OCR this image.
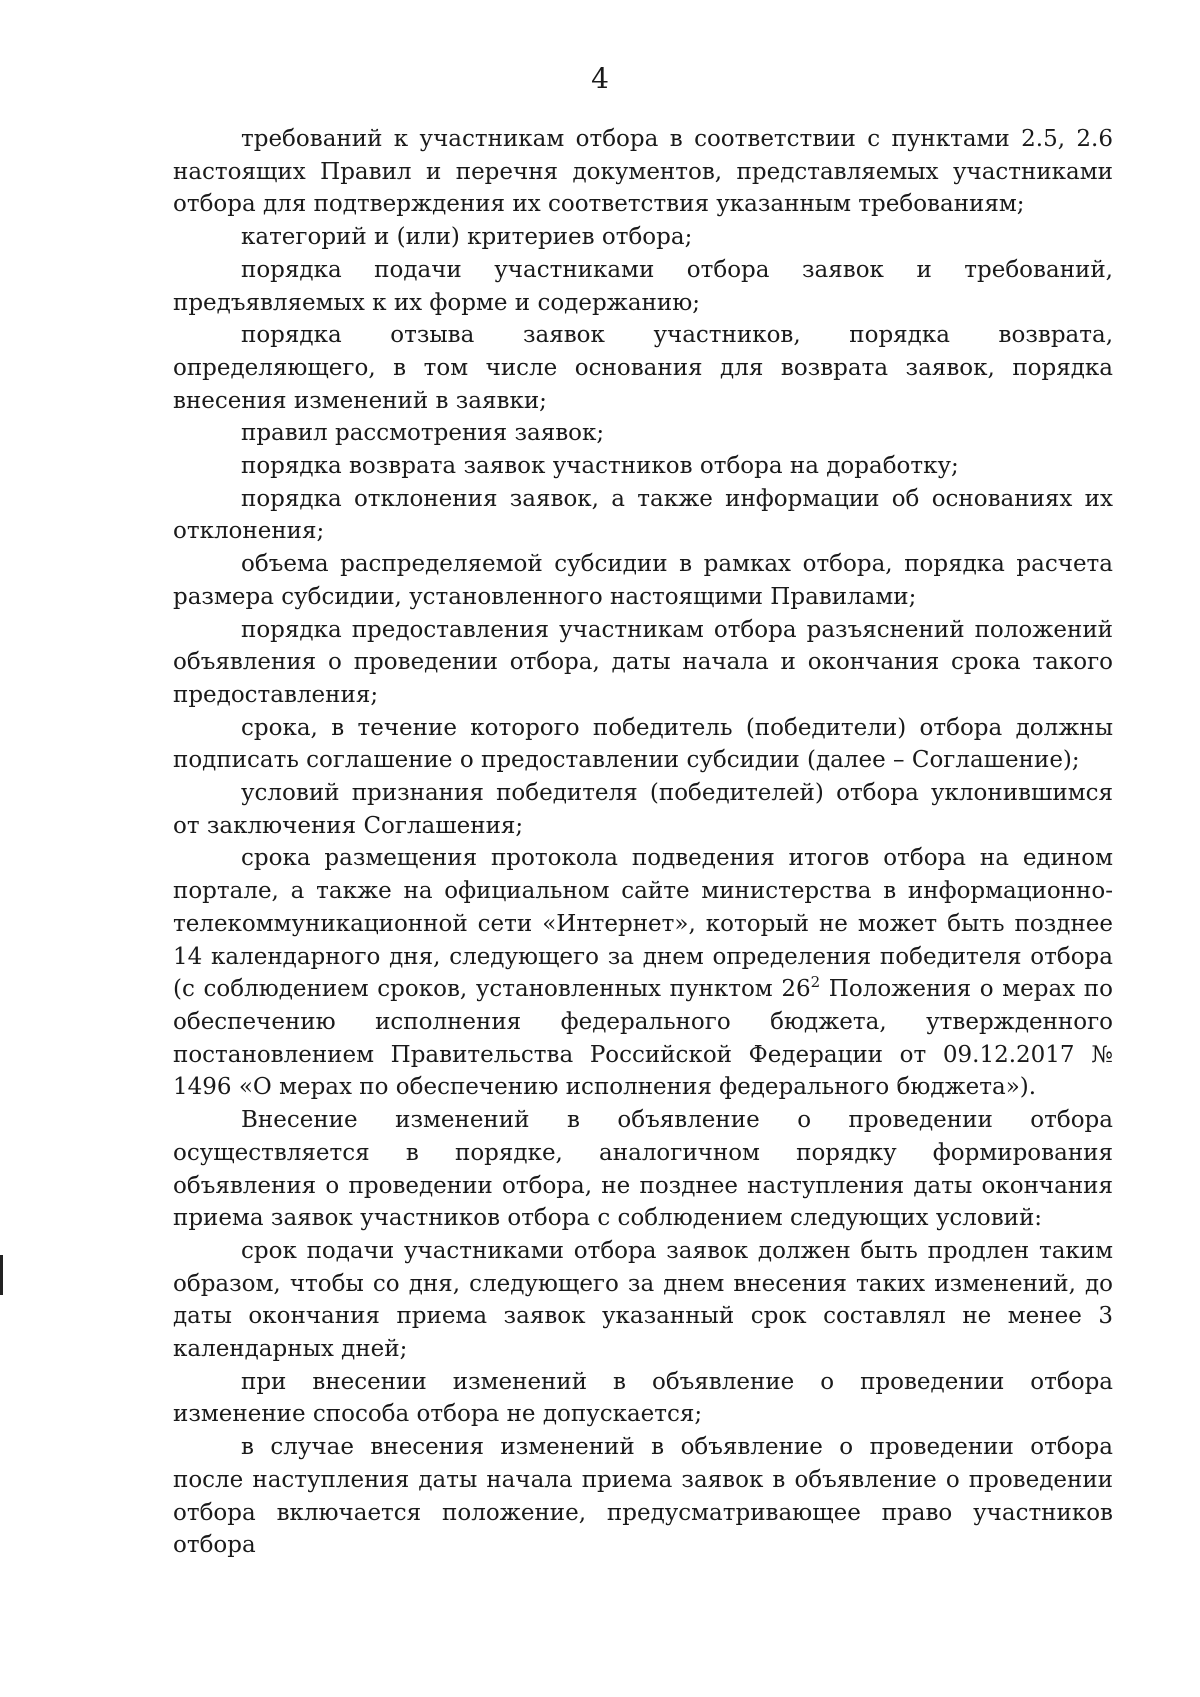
4

требований к участникам отбора в соответствии с пунктами 2.5, 2.6 настоящих Правил и перечня документов, представляемых участниками отбора для подтверждения их соответствия указанным требованиям;

категорий и (или) критериев отбора;

порядка подачи участниками отбора заявок и требований, предъявляемых к их форме и содержанию;

порядка отзыва заявок участников, порядка возврата, определяющего, в том числе основания для возврата заявок, порядка внесения изменений в заявки;

правил рассмотрения заявок;

порядка возврата заявок участников отбора на доработку;

порядка отклонения заявок, а также информации об основаниях их отклонения;

объема распределяемой субсидии в рамках отбора, порядка расчета размера субсидии, установленного настоящими Правилами;

порядка предоставления участникам отбора разъяснений положений объявления о проведении отбора, даты начала и окончания срока такого предоставления;

срока, в течение которого победитель (победители) отбора должны подписать соглашение о предоставлении субсидии (далее – Соглашение);

условий признания победителя (победителей) отбора уклонившимся от заключения Соглашения;

срока размещения протокола подведения итогов отбора на едином портале, а также на официальном сайте министерства в информационно-телекоммуникационной сети «Интернет», который не может быть позднее 14 календарного дня, следующего за днем определения победителя отбора (с соблюдением сроков, установленных пунктом 26$^2$ Положения о мерах по обеспечению исполнения федерального бюджета, утвержденного постановлением Правительства Российской Федерации от 09.12.2017 № 1496 «О мерах по обеспечению исполнения федерального бюджета»).

Внесение изменений в объявление о проведении отбора осуществляется в порядке, аналогичном порядку формирования объявления о проведении отбора, не позднее наступления даты окончания приема заявок участников отбора с соблюдением следующих условий:

срок подачи участниками отбора заявок должен быть продлен таким образом, чтобы со дня, следующего за днем внесения таких изменений, до даты окончания приема заявок указанный срок составлял не менее 3 календарных дней;

при внесении изменений в объявление о проведении отбора изменение способа отбора не допускается;

в случае внесения изменений в объявление о проведении отбора после наступления даты начала приема заявок в объявление о проведении отбора включается положение, предусматривающее право участников отбора
